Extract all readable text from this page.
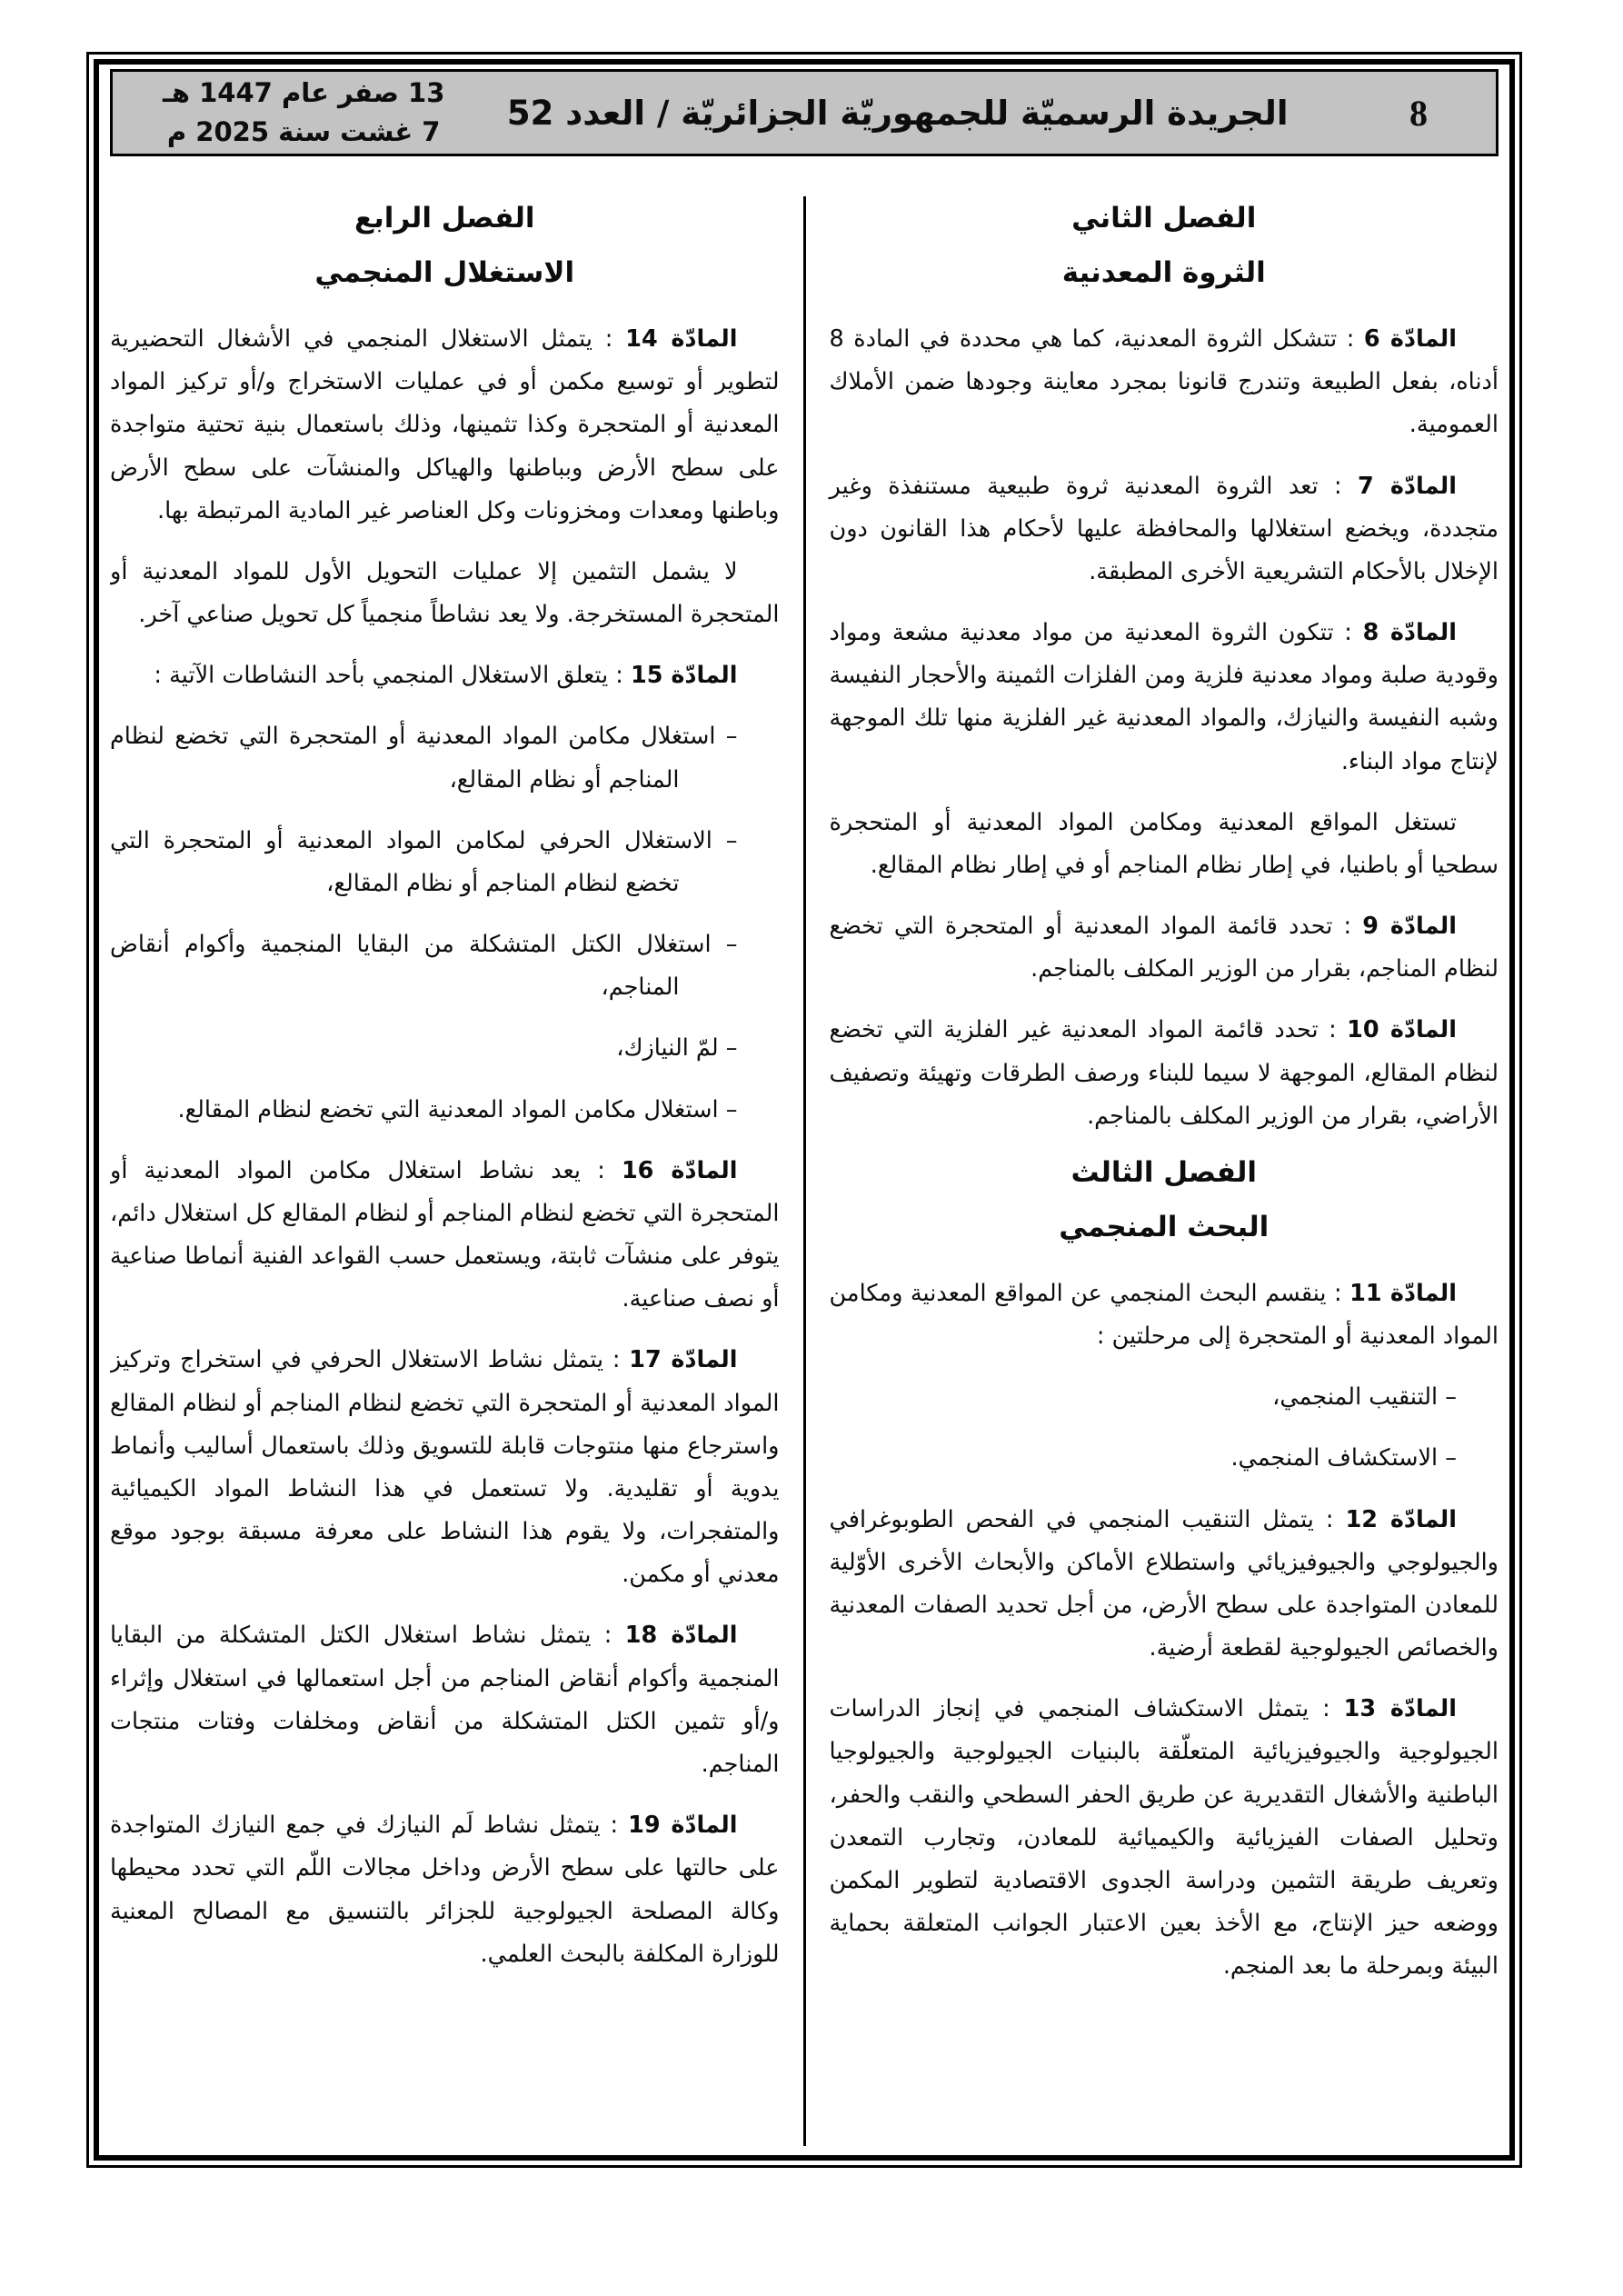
13 صفر عام 1447 هـ
7 غشت سنة 2025 م	الجريدة الرسميّة للجمهوريّة الجزائريّة / العدد 52	8
الفصل الثاني
الثروة المعدنية

المادّة 6 : تتشكل الثروة المعدنية، كما هي محددة في المادة 8 أدناه، بفعل الطبيعة وتندرج قانونا بمجرد معاينة وجودها ضمن الأملاك العمومية.

المادّة 7 : تعد الثروة المعدنية ثروة طبيعية مستنفذة وغير متجددة، ويخضع استغلالها والمحافظة عليها لأحكام هذا القانون دون الإخلال بالأحكام التشريعية الأخرى المطبقة.

المادّة 8 : تتكون الثروة المعدنية من مواد معدنية مشعة ومواد وقودية صلبة ومواد معدنية فلزية ومن الفلزات الثمينة والأحجار النفيسة وشبه النفيسة والنيازك، والمواد المعدنية غير الفلزية منها تلك الموجهة لإنتاج مواد البناء.

تستغل المواقع المعدنية ومكامن المواد المعدنية أو المتحجرة سطحيا أو باطنيا، في إطار نظام المناجم أو في إطار نظام المقالع.

المادّة 9 : تحدد قائمة المواد المعدنية أو المتحجرة التي تخضع لنظام المناجم، بقرار من الوزير المكلف بالمناجم.

المادّة 10 : تحدد قائمة المواد المعدنية غير الفلزية التي تخضع لنظام المقالع، الموجهة لا سيما للبناء ورصف الطرقات وتهيئة وتصفيف الأراضي، بقرار من الوزير المكلف بالمناجم.

الفصل الثالث
البحث المنجمي

المادّة 11 : ينقسم البحث المنجمي عن المواقع المعدنية ومكامن المواد المعدنية أو المتحجرة إلى مرحلتين :

– التنقيب المنجمي،

– الاستكشاف المنجمي.

المادّة 12 : يتمثل التنقيب المنجمي في الفحص الطوبوغرافي والجيولوجي والجيوفيزيائي واستطلاع الأماكن والأبحاث الأخرى الأوّلية للمعادن المتواجدة على سطح الأرض، من أجل تحديد الصفات المعدنية والخصائص الجيولوجية لقطعة أرضية.

المادّة 13 : يتمثل الاستكشاف المنجمي في إنجاز الدراسات الجيولوجية والجيوفيزيائية المتعلّقة بالبنيات الجيولوجية والجيولوجيا الباطنية والأشغال التقديرية عن طريق الحفر السطحي والنقب والحفر، وتحليل الصفات الفيزيائية والكيميائية للمعادن، وتجارب التمعدن وتعريف طريقة التثمين ودراسة الجدوى الاقتصادية لتطوير المكمن ووضعه حيز الإنتاج، مع الأخذ بعين الاعتبار الجوانب المتعلقة بحماية البيئة وبمرحلة ما بعد المنجم.

الفصل الرابع
الاستغلال المنجمي

المادّة 14 : يتمثل الاستغلال المنجمي في الأشغال التحضيرية لتطوير أو توسيع مكمن أو في عمليات الاستخراج و/أو تركيز المواد المعدنية أو المتحجرة وكذا تثمينها، وذلك باستعمال بنية تحتية متواجدة على سطح الأرض وبباطنها والهياكل والمنشآت على سطح الأرض وباطنها ومعدات ومخزونات وكل العناصر غير المادية المرتبطة بها.

لا يشمل التثمين إلا عمليات التحويل الأول للمواد المعدنية أو المتحجرة المستخرجة. ولا يعد نشاطاً منجمياً كل تحويل صناعي آخر.

المادّة 15 : يتعلق الاستغلال المنجمي بأحد النشاطات الآتية :

– استغلال مكامن المواد المعدنية أو المتحجرة التي تخضع لنظام المناجم أو نظام المقالع،

– الاستغلال الحرفي لمكامن المواد المعدنية أو المتحجرة التي تخضع لنظام المناجم أو نظام المقالع،

– استغلال الكتل المتشكلة من البقايا المنجمية وأكوام أنقاض المناجم،

– لمّ النيازك،

– استغلال مكامن المواد المعدنية التي تخضع لنظام المقالع.

المادّة 16 : يعد نشاط استغلال مكامن المواد المعدنية أو المتحجرة التي تخضع لنظام المناجم أو لنظام المقالع كل استغلال دائم، يتوفر على منشآت ثابتة، ويستعمل حسب القواعد الفنية أنماطا صناعية أو نصف صناعية.

المادّة 17 : يتمثل نشاط الاستغلال الحرفي في استخراج وتركيز المواد المعدنية أو المتحجرة التي تخضع لنظام المناجم أو لنظام المقالع واسترجاع منها منتوجات قابلة للتسويق وذلك باستعمال أساليب وأنماط يدوية أو تقليدية. ولا تستعمل في هذا النشاط المواد الكيميائية والمتفجرات، ولا يقوم هذا النشاط على معرفة مسبقة بوجود موقع معدني أو مكمن.

المادّة 18 : يتمثل نشاط استغلال الكتل المتشكلة من البقايا المنجمية وأكوام أنقاض المناجم من أجل استعمالها في استغلال وإثراء و/أو تثمين الكتل المتشكلة من أنقاض ومخلفات وفتات منتجات المناجم.

المادّة 19 : يتمثل نشاط لَم النيازك في جمع النيازك المتواجدة على حالتها على سطح الأرض وداخل مجالات اللّم التي تحدد محيطها وكالة المصلحة الجيولوجية للجزائر بالتنسيق مع المصالح المعنية للوزارة المكلفة بالبحث العلمي.
